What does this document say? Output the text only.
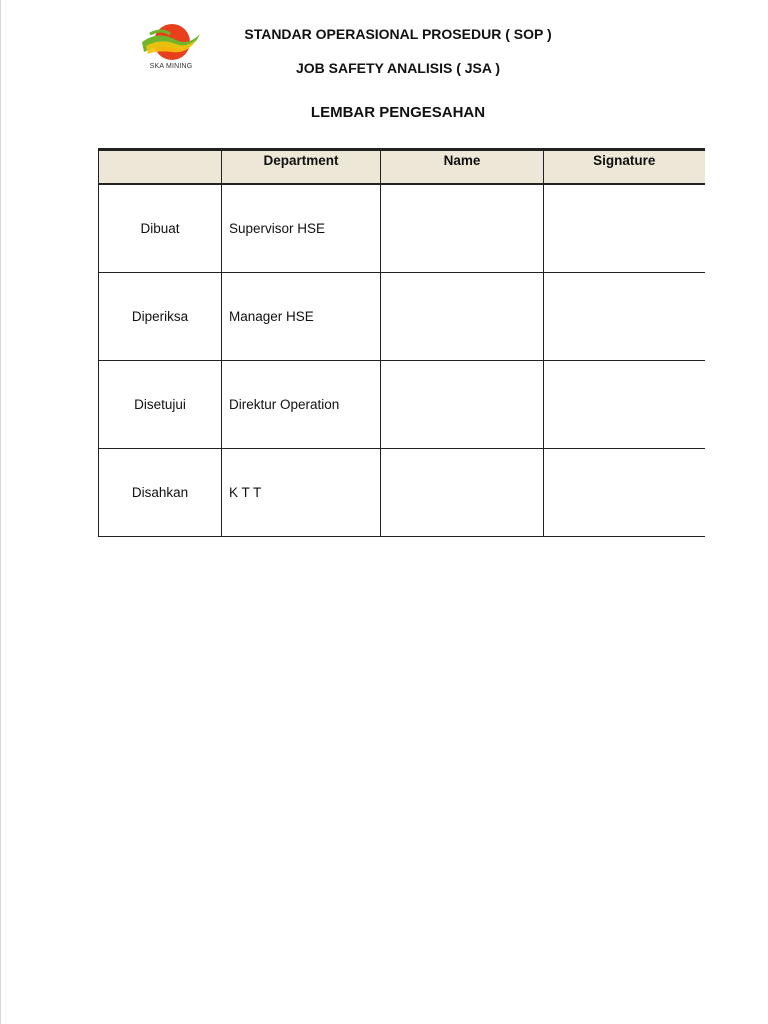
SKA MINING
STANDAR OPERASIONAL PROSEDUR ( SOP )
JOB SAFETY ANALISIS ( JSA )
LEMBAR PENGESAHAN
	Department	Name	Signature
Dibuat	Supervisor HSE		
Diperiksa	Manager HSE		
Disetujui	Direktur Operation		
Disahkan	K T T		
